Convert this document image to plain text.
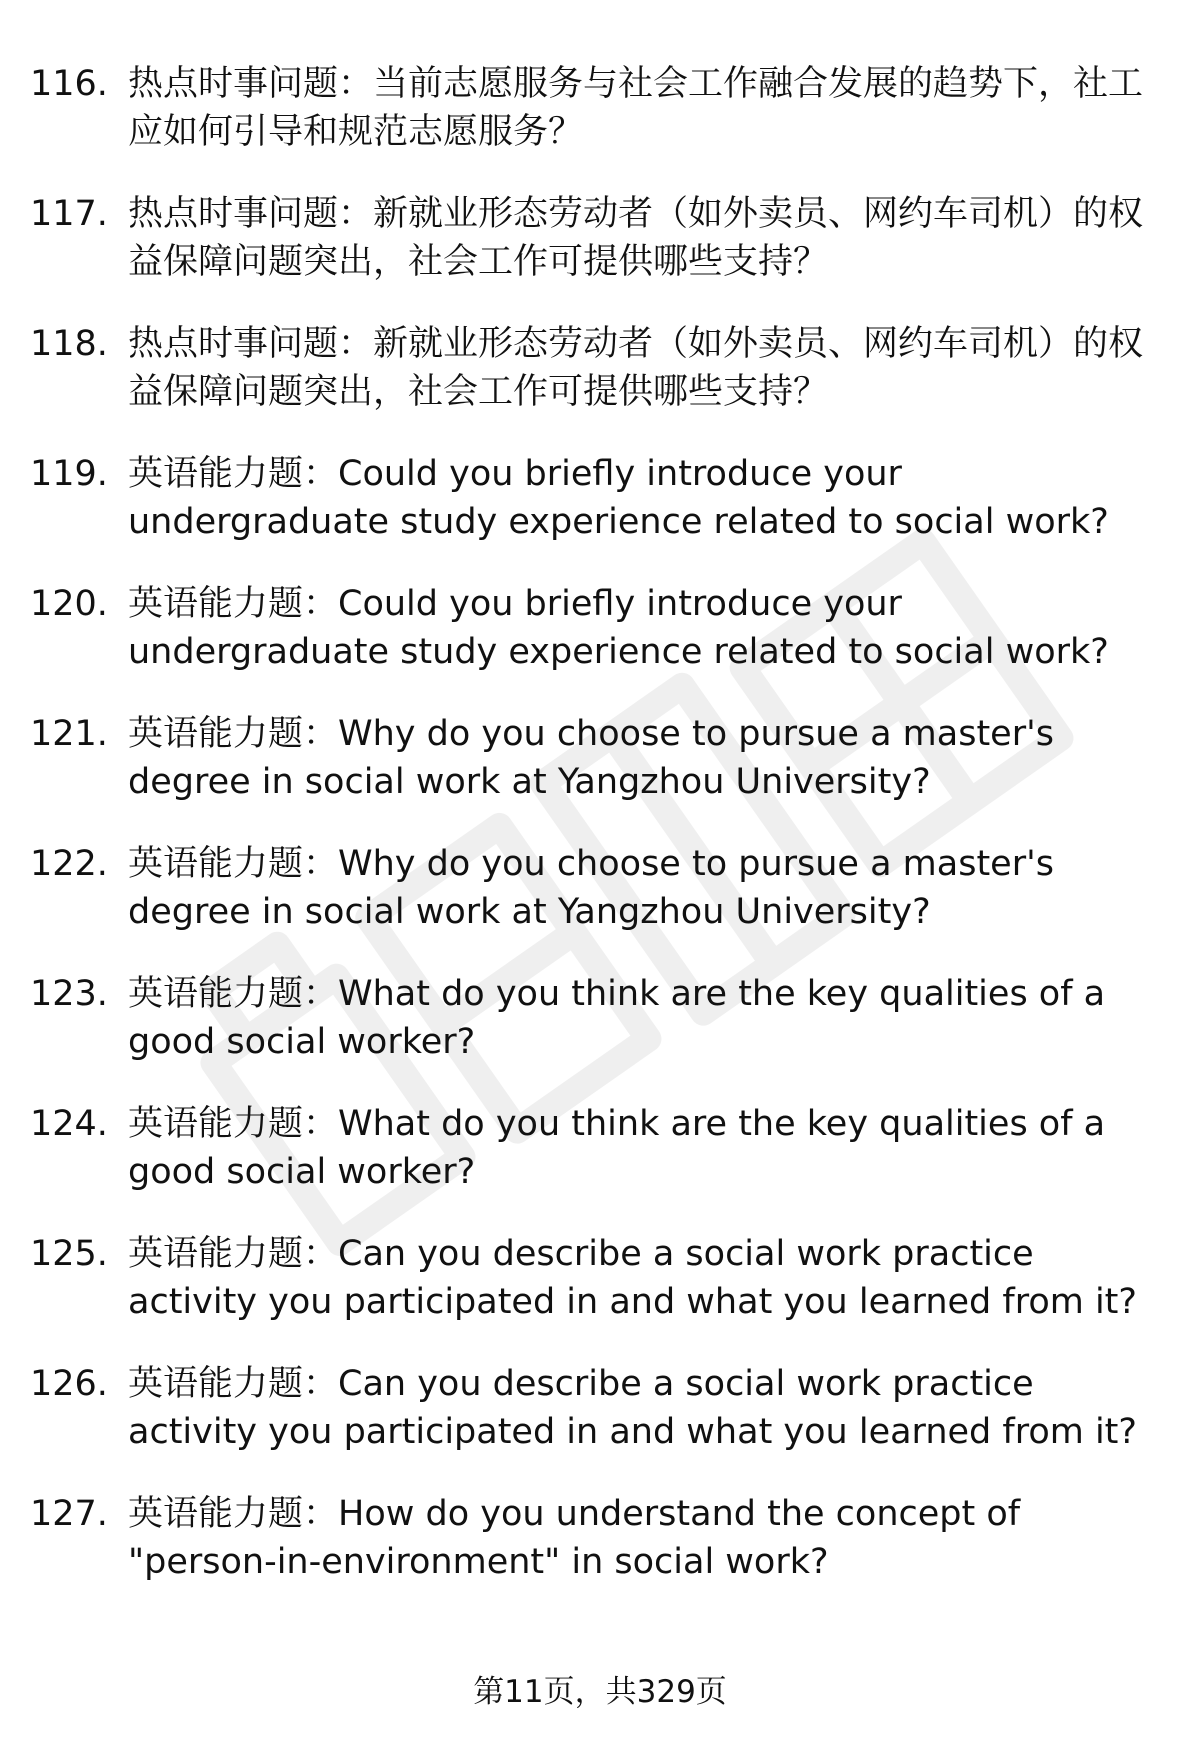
116. 热点时事问题：当前志愿服务与社会工作融合发展的趋势下，社工应如何引导和规范志愿服务？
117. 热点时事问题：新就业形态劳动者（如外卖员、网约车司机）的权益保障问题突出，社会工作可提供哪些支持？
118. 热点时事问题：新就业形态劳动者（如外卖员、网约车司机）的权益保障问题突出，社会工作可提供哪些支持？
119. 英语能力题：Could you briefly introduce your undergraduate study experience related to social work?
120. 英语能力题：Could you briefly introduce your undergraduate study experience related to social work?
121. 英语能力题：Why do you choose to pursue a master's degree in social work at Yangzhou University?
122. 英语能力题：Why do you choose to pursue a master's degree in social work at Yangzhou University?
123. 英语能力题：What do you think are the key qualities of a good social worker?
124. 英语能力题：What do you think are the key qualities of a good social worker?
125. 英语能力题：Can you describe a social work practice activity you participated in and what you learned from it?
126. 英语能力题：Can you describe a social work practice activity you participated in and what you learned from it?
127. 英语能力题：How do you understand the concept of "person-in-environment" in social work?
第11页，共329页
